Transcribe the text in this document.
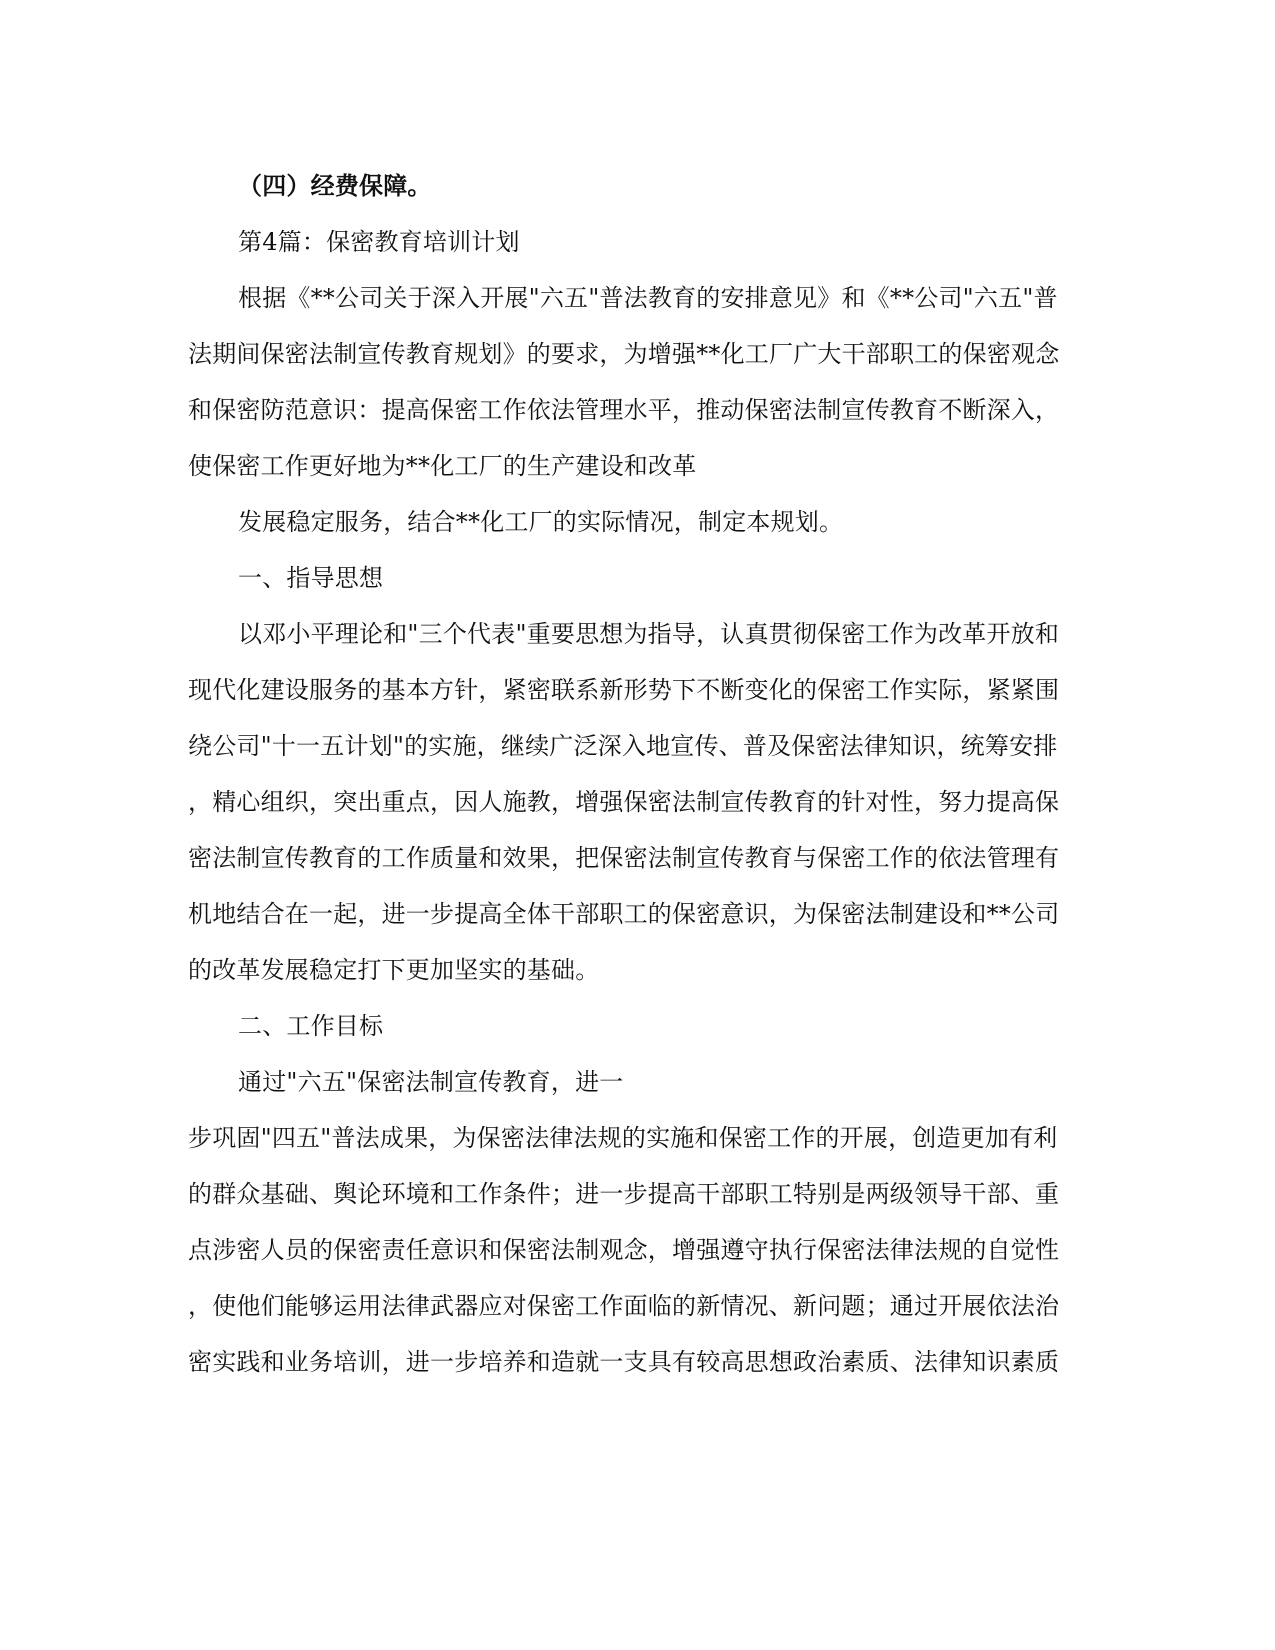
（四）经费保障。
第4篇：保密教育培训计划
根据《**公司关于深入开展"六五"普法教育的安排意见》和《**公司"六五"普
法期间保密法制宣传教育规划》的要求，为增强**化工厂广大干部职工的保密观念
和保密防范意识：提高保密工作依法管理水平，推动保密法制宣传教育不断深入，
使保密工作更好地为**化工厂的生产建设和改革
发展稳定服务，结合**化工厂的实际情况，制定本规划。
一、指导思想
以邓小平理论和"三个代表"重要思想为指导，认真贯彻保密工作为改革开放和
现代化建设服务的基本方针，紧密联系新形势下不断变化的保密工作实际，紧紧围
绕公司"十一五计划"的实施，继续广泛深入地宣传、普及保密法律知识，统筹安排
，精心组织，突出重点，因人施教，增强保密法制宣传教育的针对性，努力提高保
密法制宣传教育的工作质量和效果，把保密法制宣传教育与保密工作的依法管理有
机地结合在一起，进一步提高全体干部职工的保密意识，为保密法制建设和**公司
的改革发展稳定打下更加坚实的基础。
二、工作目标
通过"六五"保密法制宣传教育，进一
步巩固"四五"普法成果，为保密法律法规的实施和保密工作的开展，创造更加有利
的群众基础、舆论环境和工作条件；进一步提高干部职工特别是两级领导干部、重
点涉密人员的保密责任意识和保密法制观念，增强遵守执行保密法律法规的自觉性
，使他们能够运用法律武器应对保密工作面临的新情况、新问题；通过开展依法治
密实践和业务培训，进一步培养和造就一支具有较高思想政治素质、法律知识素质
